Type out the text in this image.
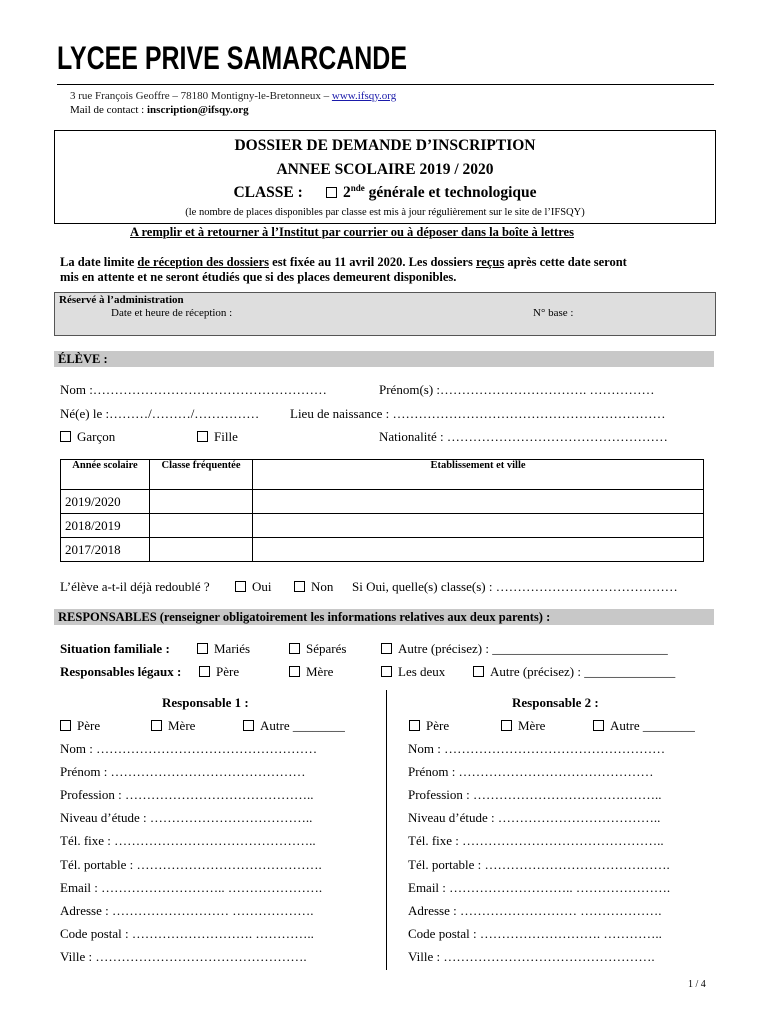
LYCEE PRIVE SAMARCANDE
3 rue François Geoffre – 78180 Montigny-le-Bretonneux – www.ifsqy.org
Mail de contact : inscription@ifsqy.org
DOSSIER DE DEMANDE D’INSCRIPTION
ANNEE SCOLAIRE 2019 / 2020
CLASSE :	2nde générale et technologique
(le nombre de places disponibles par classe est mis à jour régulièrement sur le site de l’IFSQY)
A remplir et à retourner à l’Institut par courrier ou à déposer dans la boîte à lettres
La date limite de réception des dossiers est fixée au 11 avril 2020. Les dossiers reçus après cette date seront
mis en attente et ne seront étudiés que si des places demeurent disponibles.
Réservé à l’administration
Date et heure de réception :	N° base :
ÉLÈVE :
Nom :………………………………………………	Prénom(s) :……………………………. ……………
Né(e) le :………/………/…………… Lieu de naissance : ………………………………………………………
Garçon	Fille	Nationalité : ……………………………………………
Année scolaire	Classe fréquentée	Etablissement et ville
2019/2020		
2018/2019		
2017/2018		
L’élève a-t-il déjà redoublé ?	Oui	Non Si Oui, quelle(s) classe(s) : ……………………………………
RESPONSABLES (renseigner obligatoirement les informations relatives aux deux parents) :
Situation familiale :	Mariés	Séparés	Autre (précisez) : ___________________________
Responsables légaux :	Père	Mère	Les deux	Autre (précisez) : ______________
Responsable 1 :	Responsable 2 :
Père	Mère	Autre ________	Père	Mère	Autre ________
Nom : ……………………………………………
Prénom : ………………………………………
Profession : ……………………………………..
Niveau d’étude : ………………………………..
Tél. fixe : ………………………………………..
Tél. portable : …………………………………….
Email : ……………………….. ………………….
Adresse : ……………………… ……………….
Code postal : ………………………. …………..
Ville : ………………………………………….
Nom : ……………………………………………
Prénom : ………………………………………
Profession : ……………………………………..
Niveau d’étude : ………………………………..
Tél. fixe : ………………………………………..
Tél. portable : …………………………………….
Email : ……………………….. ………………….
Adresse : ……………………… ……………….
Code postal : ………………………. …………..
Ville : ………………………………………….
1 / 4
